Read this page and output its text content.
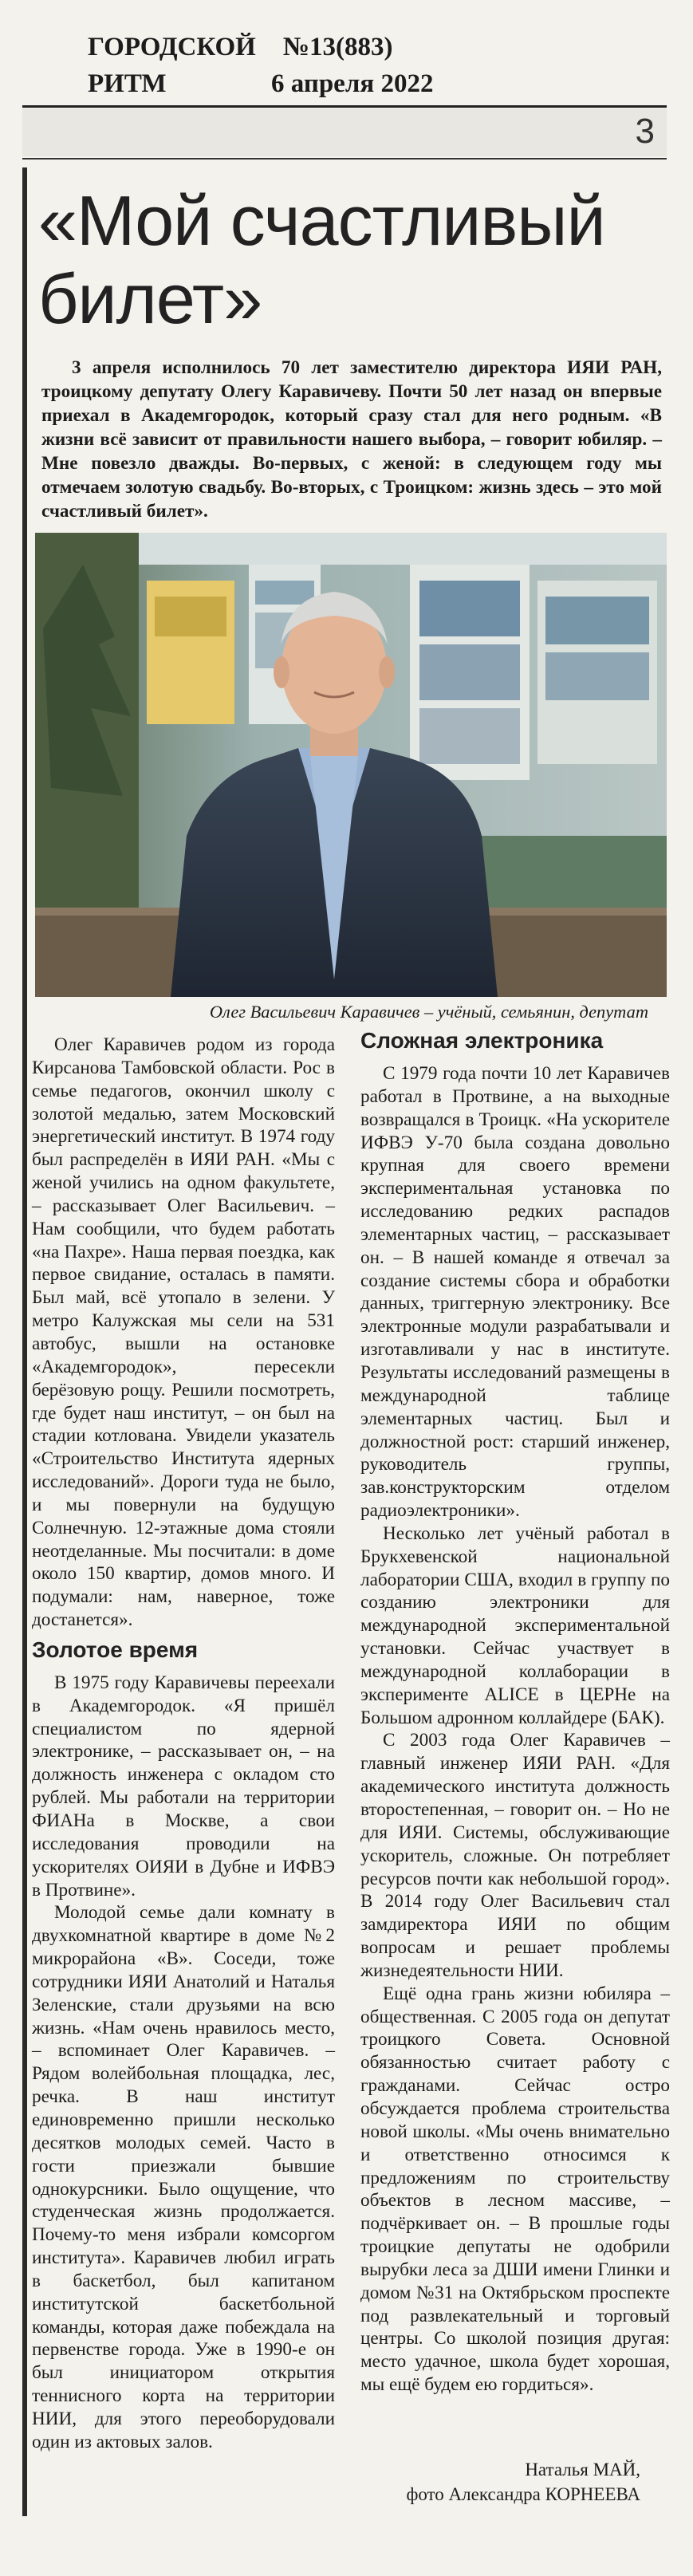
ГОРОДСКОЙ №13(883)
РИТМ	6 апреля 2022
3

«Мой счастливый
билет»
3 апреля исполнилось 70 лет заместителю директора ИЯИ РАН, троицкому депутату Олегу Каравичеву. Почти 50 лет назад он впервые приехал в Академгородок, который сразу стал для него родным. «В жизни всё зависит от правильности нашего выбора, – говорит юбиляр. – Мне повезло дважды. Во-первых, с женой: в следующем году мы отмечаем золотую свадьбу. Во-вторых, с Троицком: жизнь здесь – это мой счастливый билет».
Олег Васильевич Каравичев – учёный, семьянин, депутат

Олег Каравичев родом из города Кирсанова Тамбовской области. Рос в семье педагогов, окончил школу с золотой медалью, затем Московский энергетический институт. В 1974 году был распределён в ИЯИ РАН. «Мы с женой учились на одном факультете, – рассказывает Олег Васильевич. – Нам сообщили, что будем работать «на Пахре». Наша первая поездка, как первое свидание, осталась в памяти. Был май, всё утопало в зелени. У метро Калужская мы сели на 531 автобус, вышли на остановке «Академгородок», пересекли берёзовую рощу. Решили посмотреть, где будет наш институт, – он был на стадии котлована. Увидели указатель «Строительство Института ядерных исследований». Дороги туда не было, и мы повернули на будущую Солнечную. 12-этажные дома стояли неотделанные. Мы посчитали: в доме около 150 квартир, домов много. И подумали: нам, наверное, тоже достанется».

Золотое время

В 1975 году Каравичевы переехали в Академгородок. «Я пришёл специалистом по ядерной электронике, – рассказывает он, – на должность инженера с окладом сто рублей. Мы работали на территории ФИАНа в Москве, а свои исследования проводили на ускорителях ОИЯИ в Дубне и ИФВЭ в Протвине».

Молодой семье дали комнату в двухкомнатной квартире в доме №2 микрорайона «В». Соседи, тоже сотрудники ИЯИ Анатолий и Наталья Зеленские, стали друзьями на всю жизнь. «Нам очень нравилось место, – вспоминает Олег Каравичев. – Рядом волейбольная площадка, лес, речка. В наш институт единовременно пришли несколько десятков молодых семей. Часто в гости приезжали бывшие однокурсники. Было ощущение, что студенческая жизнь продолжается. Почему-то меня избрали комсоргом института». Каравичев любил играть в баскетбол, был капитаном институтской баскетбольной команды, которая даже побеждала на первенстве города. Уже в 1990-е он был инициатором открытия теннисного корта на территории НИИ, для этого переоборудовали один из актовых залов.

Сложная электроника

С 1979 года почти 10 лет Каравичев работал в Протвине, а на выходные возвращался в Троицк. «На ускорителе ИФВЭ У-70 была создана довольно крупная для своего времени экспериментальная установка по исследованию редких распадов элементарных частиц, – рассказывает он. – В нашей команде я отвечал за создание системы сбора и обработки данных, триггерную электронику. Все электронные модули разрабатывали и изготавливали у нас в институте. Результаты исследований размещены в международной таблице элементарных частиц. Был и должностной рост: старший инженер, руководитель группы, зав.конструкторским отделом радиоэлектроники».

Несколько лет учёный работал в Брукхевенской национальной лаборатории США, входил в группу по созданию электроники для международной экспериментальной установки. Сейчас участвует в международной коллаборации в эксперименте ALICE в ЦЕРНе на Большом адронном коллайдере (БАК).

С 2003 года Олег Каравичев – главный инженер ИЯИ РАН. «Для академического института должность второстепенная, – говорит он. – Но не для ИЯИ. Системы, обслуживающие ускоритель, сложные. Он потребляет ресурсов почти как небольшой город». В 2014 году Олег Васильевич стал замдиректора ИЯИ по общим вопросам и решает проблемы жизнедеятельности НИИ.

Ещё одна грань жизни юбиляра – общественная. С 2005 года он депутат троицкого Совета. Основной обязанностью считает работу с гражданами. Сейчас остро обсуждается проблема строительства новой школы. «Мы очень внимательно и ответственно относимся к предложениям по строительству объектов в лесном массиве, – подчёркивает он. – В прошлые годы троицкие депутаты не одобрили вырубки леса за ДШИ имени Глинки и домом №31 на Октябрьском проспекте под развлекательный и торговый центры. Со школой позиция другая: место удачное, школа будет хорошая, мы ещё будем ею гордиться».

Наталья МАЙ,
фото Александра КОРНЕЕВА
